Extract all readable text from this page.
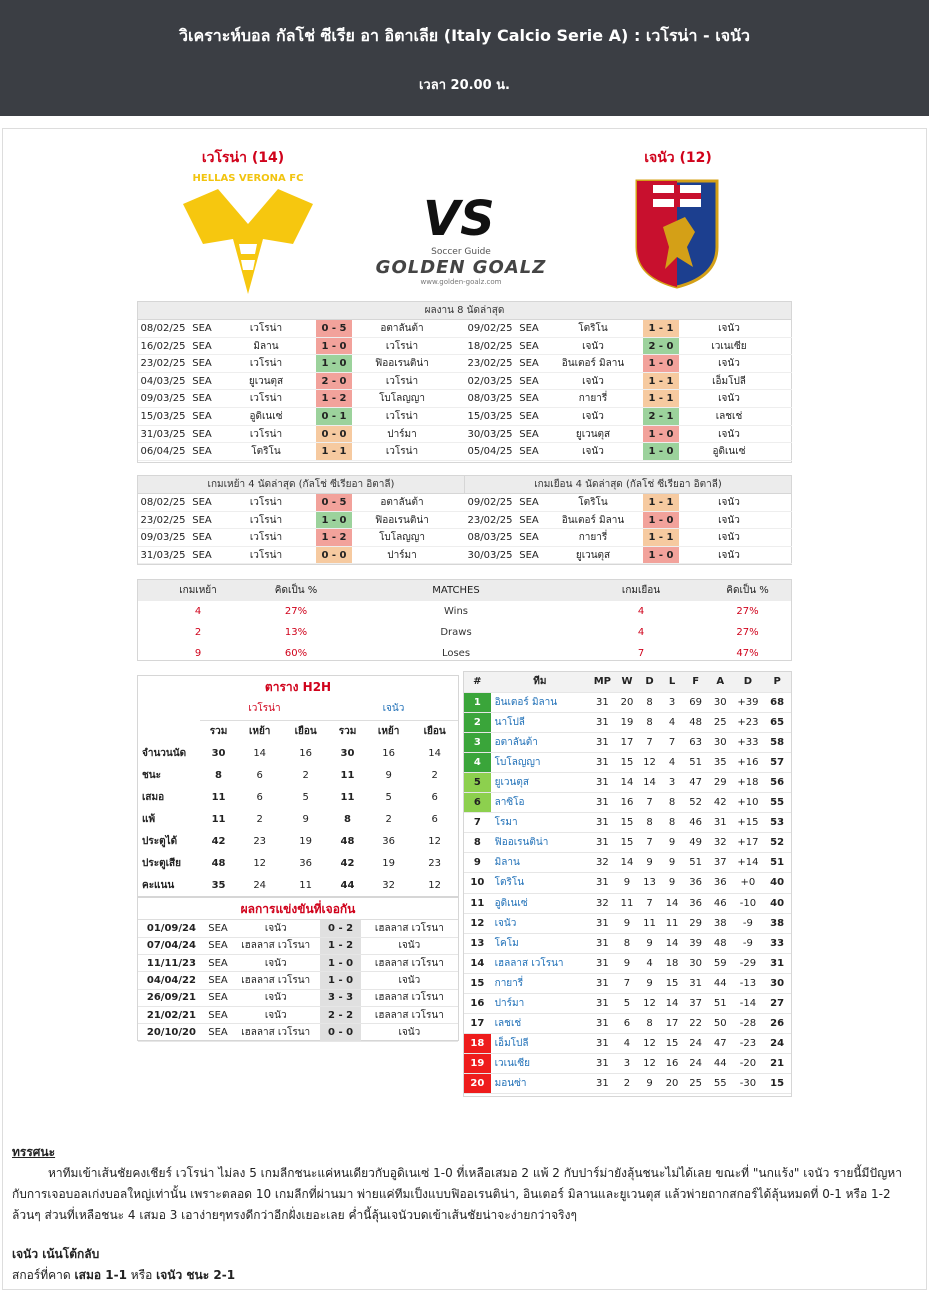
วิเคราะห์บอล กัลโช่ ซีเรีย อา อิตาเลีย (Italy Calcio Serie A) : เวโรน่า - เจนัว
เวลา 20.00 น.
เวโรน่า (14)	เจนัว (12)
HELLAS VERONA FC
VS
Soccer Guide
GOLDEN GOALZ
www.golden-goalz.com
ผลงาน 8 นัดล่าสุด
08/02/25 SEA	เวโรน่า	0 - 5	อตาลันต้า
16/02/25 SEA	มิลาน	1 - 0	เวโรน่า
23/02/25 SEA	เวโรน่า	1 - 0	ฟิออเรนติน่า
04/03/25 SEA	ยูเวนตุส	2 - 0	เวโรน่า
09/03/25 SEA	เวโรน่า	1 - 2	โบโลญญา
15/03/25 SEA	อูดิเนเซ่	0 - 1	เวโรน่า
31/03/25 SEA	เวโรน่า	0 - 0	ปาร์มา
06/04/25 SEA	โตริโน	1 - 1	เวโรน่า
09/02/25 SEA	โตริโน	1 - 1	เจนัว
18/02/25 SEA	เจนัว	2 - 0	เวเนเซีย
23/02/25 SEA	อินเตอร์ มิลาน	1 - 0	เจนัว
02/03/25 SEA	เจนัว	1 - 1	เอ็มโปลี
08/03/25 SEA	กายารี่	1 - 1	เจนัว
15/03/25 SEA	เจนัว	2 - 1	เลชเช่
30/03/25 SEA	ยูเวนตุส	1 - 0	เจนัว
05/04/25 SEA	เจนัว	1 - 0	อูดิเนเซ่
เกมเหย้า 4 นัดล่าสุด (กัลโช่ ซีเรียอา อิตาลี)	เกมเยือน 4 นัดล่าสุด (กัลโช่ ซีเรียอา อิตาลี)
08/02/25 SEA	เวโรน่า	0 - 5	อตาลันต้า
23/02/25 SEA	เวโรน่า	1 - 0	ฟิออเรนติน่า
09/03/25 SEA	เวโรน่า	1 - 2	โบโลญญา
31/03/25 SEA	เวโรน่า	0 - 0	ปาร์มา
09/02/25 SEA	โตริโน	1 - 1	เจนัว
23/02/25 SEA	อินเตอร์ มิลาน	1 - 0	เจนัว
08/03/25 SEA	กายารี่	1 - 1	เจนัว
30/03/25 SEA	ยูเวนตุส	1 - 0	เจนัว
เกมเหย้า	คิดเป็น %	MATCHES	เกมเยือน	คิดเป็น %
4	27%	Wins	4	27%
2	13%	Draws	4	27%
9	60%	Loses	7	47%
ตาราง H2H
	เวโรน่า			เจนัว		
	รวม	เหย้า	เยือน	รวม	เหย้า	เยือน
จำนวนนัด	30	14	16	30	16	14
ชนะ	8	6	2	11	9	2
เสมอ	11	6	5	11	5	6
แพ้	11	2	9	8	2	6
ประตูได้	42	23	19	48	36	12
ประตูเสีย	48	12	36	42	19	23
คะแนน	35	24	11	44	32	12
ผลการแข่งขันที่เจอกัน
01/09/24	SEA	เจนัว	0 - 2	เฮลลาส เวโรนา
07/04/24	SEA	เฮลลาส เวโรนา	1 - 2	เจนัว
11/11/23	SEA	เจนัว	1 - 0	เฮลลาส เวโรนา
04/04/22	SEA	เฮลลาส เวโรนา	1 - 0	เจนัว
26/09/21	SEA	เจนัว	3 - 3	เฮลลาส เวโรนา
21/02/21	SEA	เจนัว	2 - 2	เฮลลาส เวโรนา
20/10/20	SEA	เฮลลาส เวโรนา	0 - 0	เจนัว
#	ทีม	MP	W	D	L	F	A	D	P
1	อินเตอร์ มิลาน	31	20	8	3	69	30	+39	68
2	นาโปลี	31	19	8	4	48	25	+23	65
3	อตาลันต้า	31	17	7	7	63	30	+33	58
4	โบโลญญา	31	15	12	4	51	35	+16	57
5	ยูเวนตุส	31	14	14	3	47	29	+18	56
6	ลาซิโอ	31	16	7	8	52	42	+10	55
7	โรมา	31	15	8	8	46	31	+15	53
8	ฟิออเรนติน่า	31	15	7	9	49	32	+17	52
9	มิลาน	32	14	9	9	51	37	+14	51
10	โตริโน	31	9	13	9	36	36	+0	40
11	อูดิเนเซ่	32	11	7	14	36	46	-10	40
12	เจนัว	31	9	11	11	29	38	-9	38
13	โคโม	31	8	9	14	39	48	-9	33
14	เฮลลาส เวโรนา	31	9	4	18	30	59	-29	31
15	กายารี่	31	7	9	15	31	44	-13	30
16	ปาร์มา	31	5	12	14	37	51	-14	27
17	เลชเช่	31	6	8	17	22	50	-28	26
18	เอ็มโปลี	31	4	12	15	24	47	-23	24
19	เวเนเซีย	31	3	12	16	24	44	-20	21
20	มอนซ่า	31	2	9	20	25	55	-30	15
ทรรศนะ
หาทีมเข้าเส้นชัยคงเชียร์ เวโรน่า ไม่ลง 5 เกมลีกชนะแค่หนเดียวกับอูดิเนเซ่ 1-0 ที่เหลือเสมอ 2 แพ้ 2 กับปาร์ม่ายังลุ้นชนะไม่ได้เลย ขณะที่ "นกแร้ง" เจนัว รายนี้มีปัญหากับการเจอบอลเก่งบอลใหญ่เท่านั้น เพราะตลอด 10 เกมลีกที่ผ่านมา พ่ายแค่ทีมเป็งแบบฟิออเรนติน่า, อินเตอร์ มิลานและยูเวนตุส แล้วพ่ายถากสกอร์ได้ลุ้นหมดที่ 0-1 หรือ 1-2 ล้วนๆ ส่วนที่เหลือชนะ 4 เสมอ 3 เอาง่ายๆทรงดีกว่าอีกฝั่งเยอะเลย ค่ำนี้ลุ้นเจนัวบดเข้าเส้นชัยน่าจะง่ายกว่าจริงๆ
เจนัว เน้นโต้กลับ
สกอร์ที่คาด เสมอ 1-1 หรือ เจนัว ชนะ 2-1
